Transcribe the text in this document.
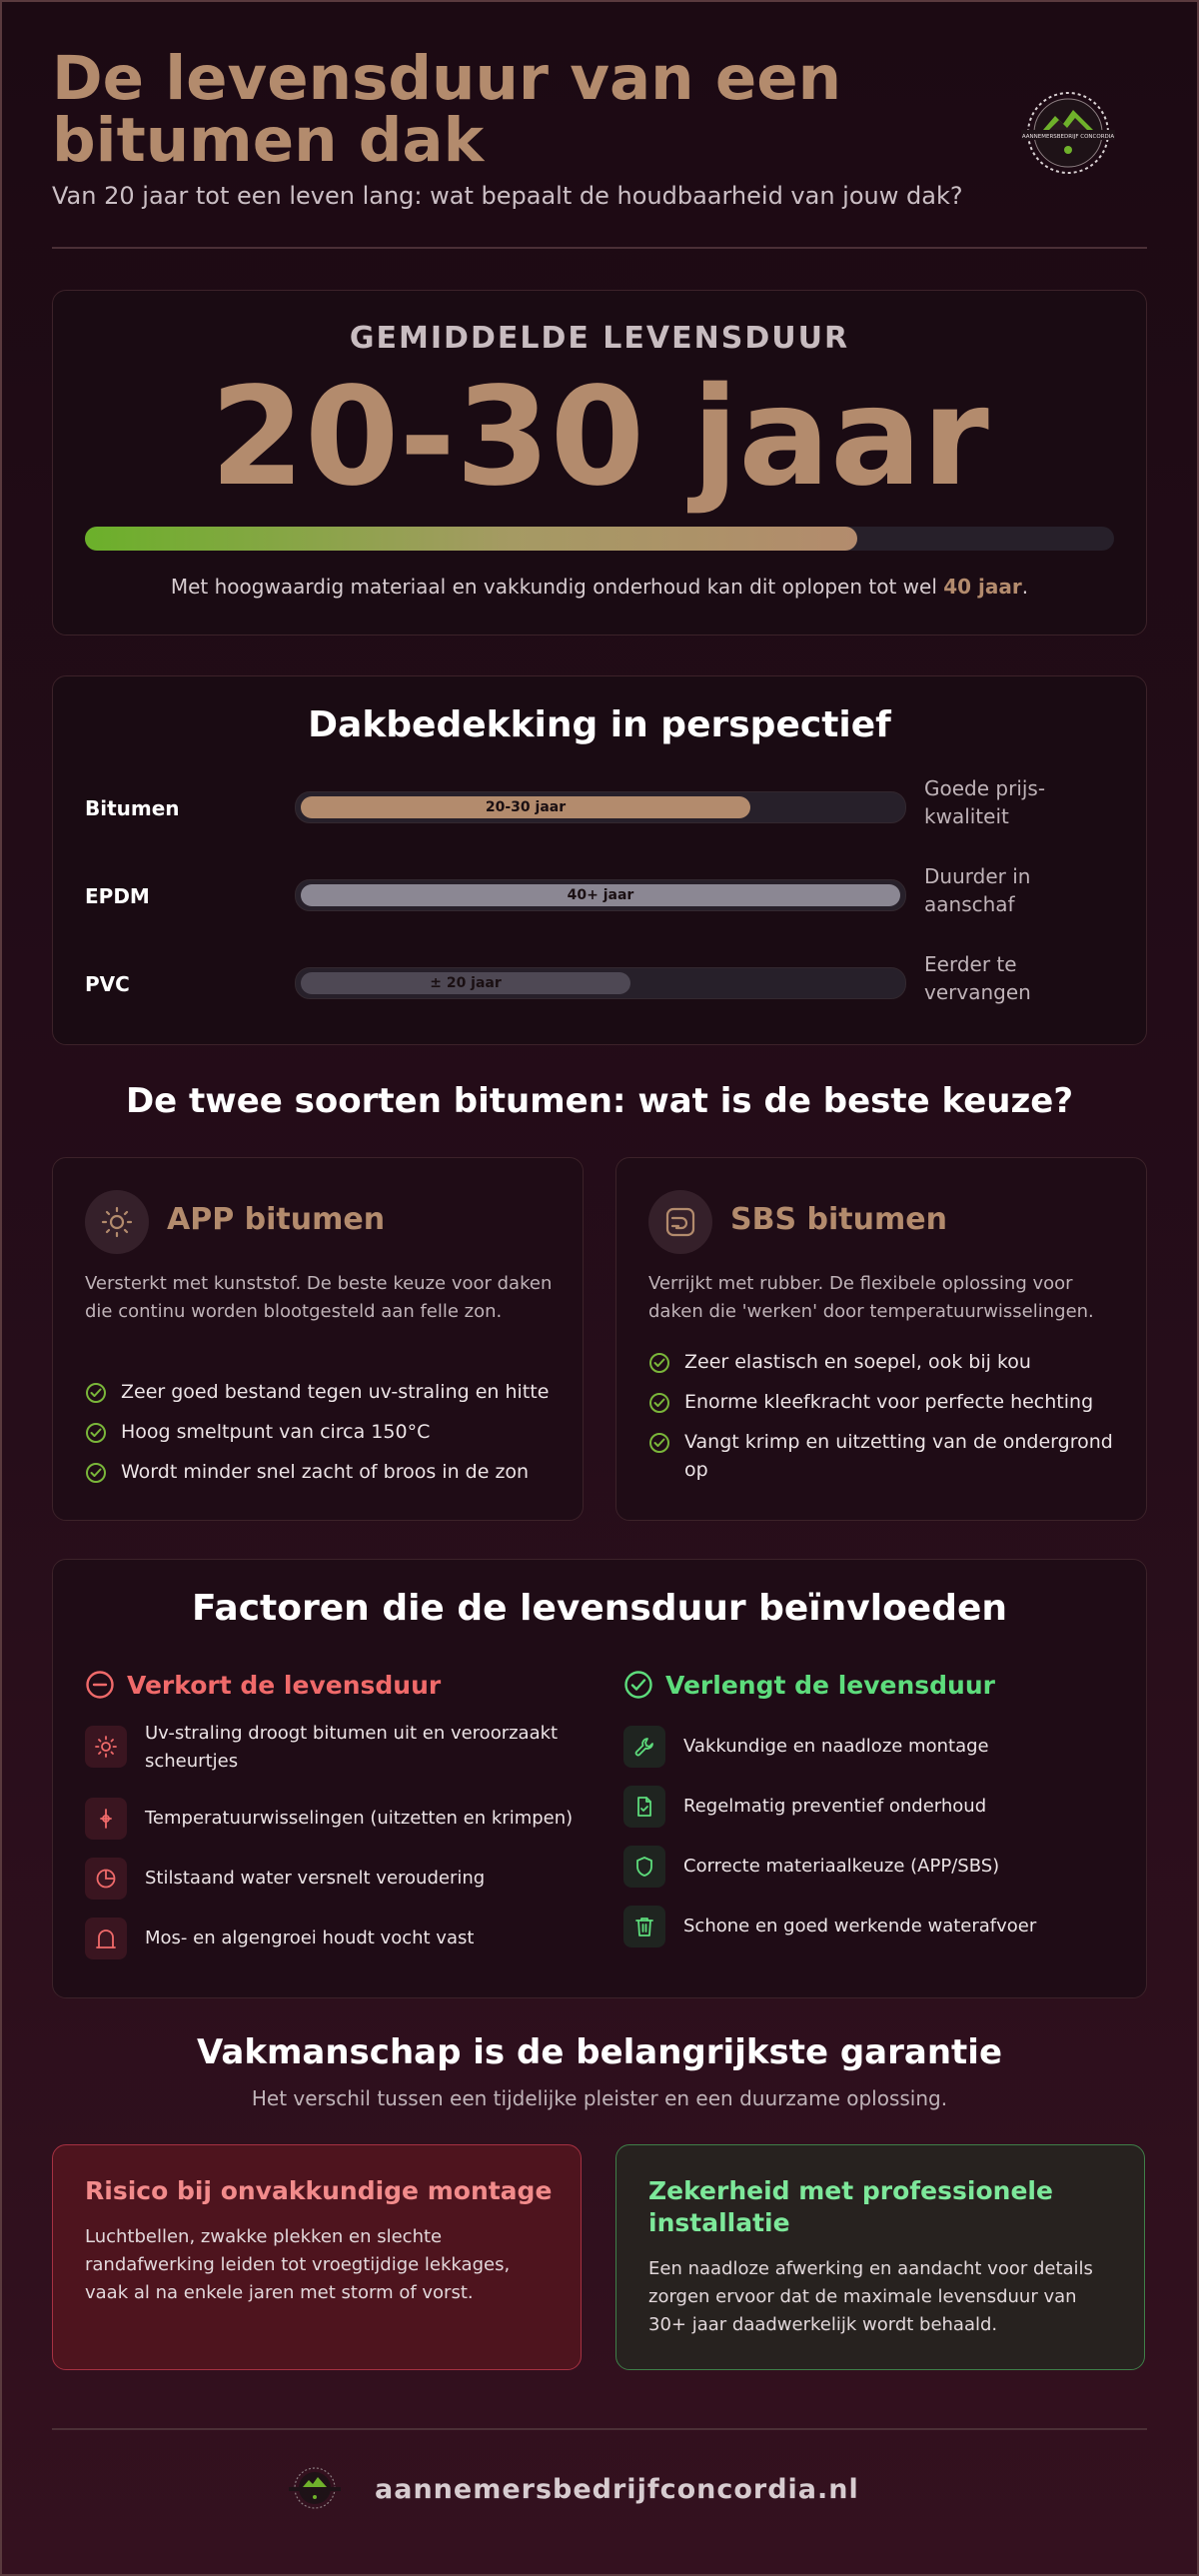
De levensduur van een bitumen dak
Van 20 jaar tot een leven lang: wat bepaalt de houdbaarheid van jouw dak?
AANNEMERSBEDRIJF CONCORDIA
GEMIDDELDE LEVENSDUUR
20-30 jaar
Met hoogwaardig materiaal en vakkundig onderhoud kan dit oplopen tot wel 40 jaar.
Dakbedekking in perspectief
Bitumen	20-30 jaar
Goede prijs-kwaliteit
EPDM	40+ jaar
Duurder in aanschaf
PVC	± 20 jaar
Eerder te vervangen
De twee soorten bitumen: wat is de beste keuze?
APP bitumen
Versterkt met kunststof. De beste keuze voor daken die continu worden blootgesteld aan felle zon.
Zeer goed bestand tegen uv-straling en hitte
Hoog smeltpunt van circa 150°C
Wordt minder snel zacht of broos in de zon
SBS bitumen
Verrijkt met rubber. De flexibele oplossing voor daken die 'werken' door temperatuurwisselingen.
Zeer elastisch en soepel, ook bij kou
Enorme kleefkracht voor perfecte hechting
Vangt krimp en uitzetting van de ondergrond op
Factoren die de levensduur beïnvloeden
Verkort de levensduur	Verlengt de levensduur
Uv-straling droogt bitumen uit en veroorzaakt scheurtjes
Temperatuurwisselingen (uitzetten en krimpen)
Stilstaand water versnelt veroudering
Mos- en algengroei houdt vocht vast
Vakkundige en naadloze montage
Regelmatig preventief onderhoud
Correcte materiaalkeuze (APP/SBS)
Schone en goed werkende waterafvoer
Vakmanschap is de belangrijkste garantie
Het verschil tussen een tijdelijke pleister en een duurzame oplossing.
Risico bij onvakkundige montage

Luchtbellen, zwakke plekken en slechte randafwerking leiden tot vroegtijdige lekkages, vaak al na enkele jaren met storm of vorst.

Zekerheid met professionele installatie

Een naadloze afwerking en aandacht voor details zorgen ervoor dat de maximale levensduur van 30+ jaar daadwerkelijk wordt behaald.

aannemersbedrijfconcordia.nl
